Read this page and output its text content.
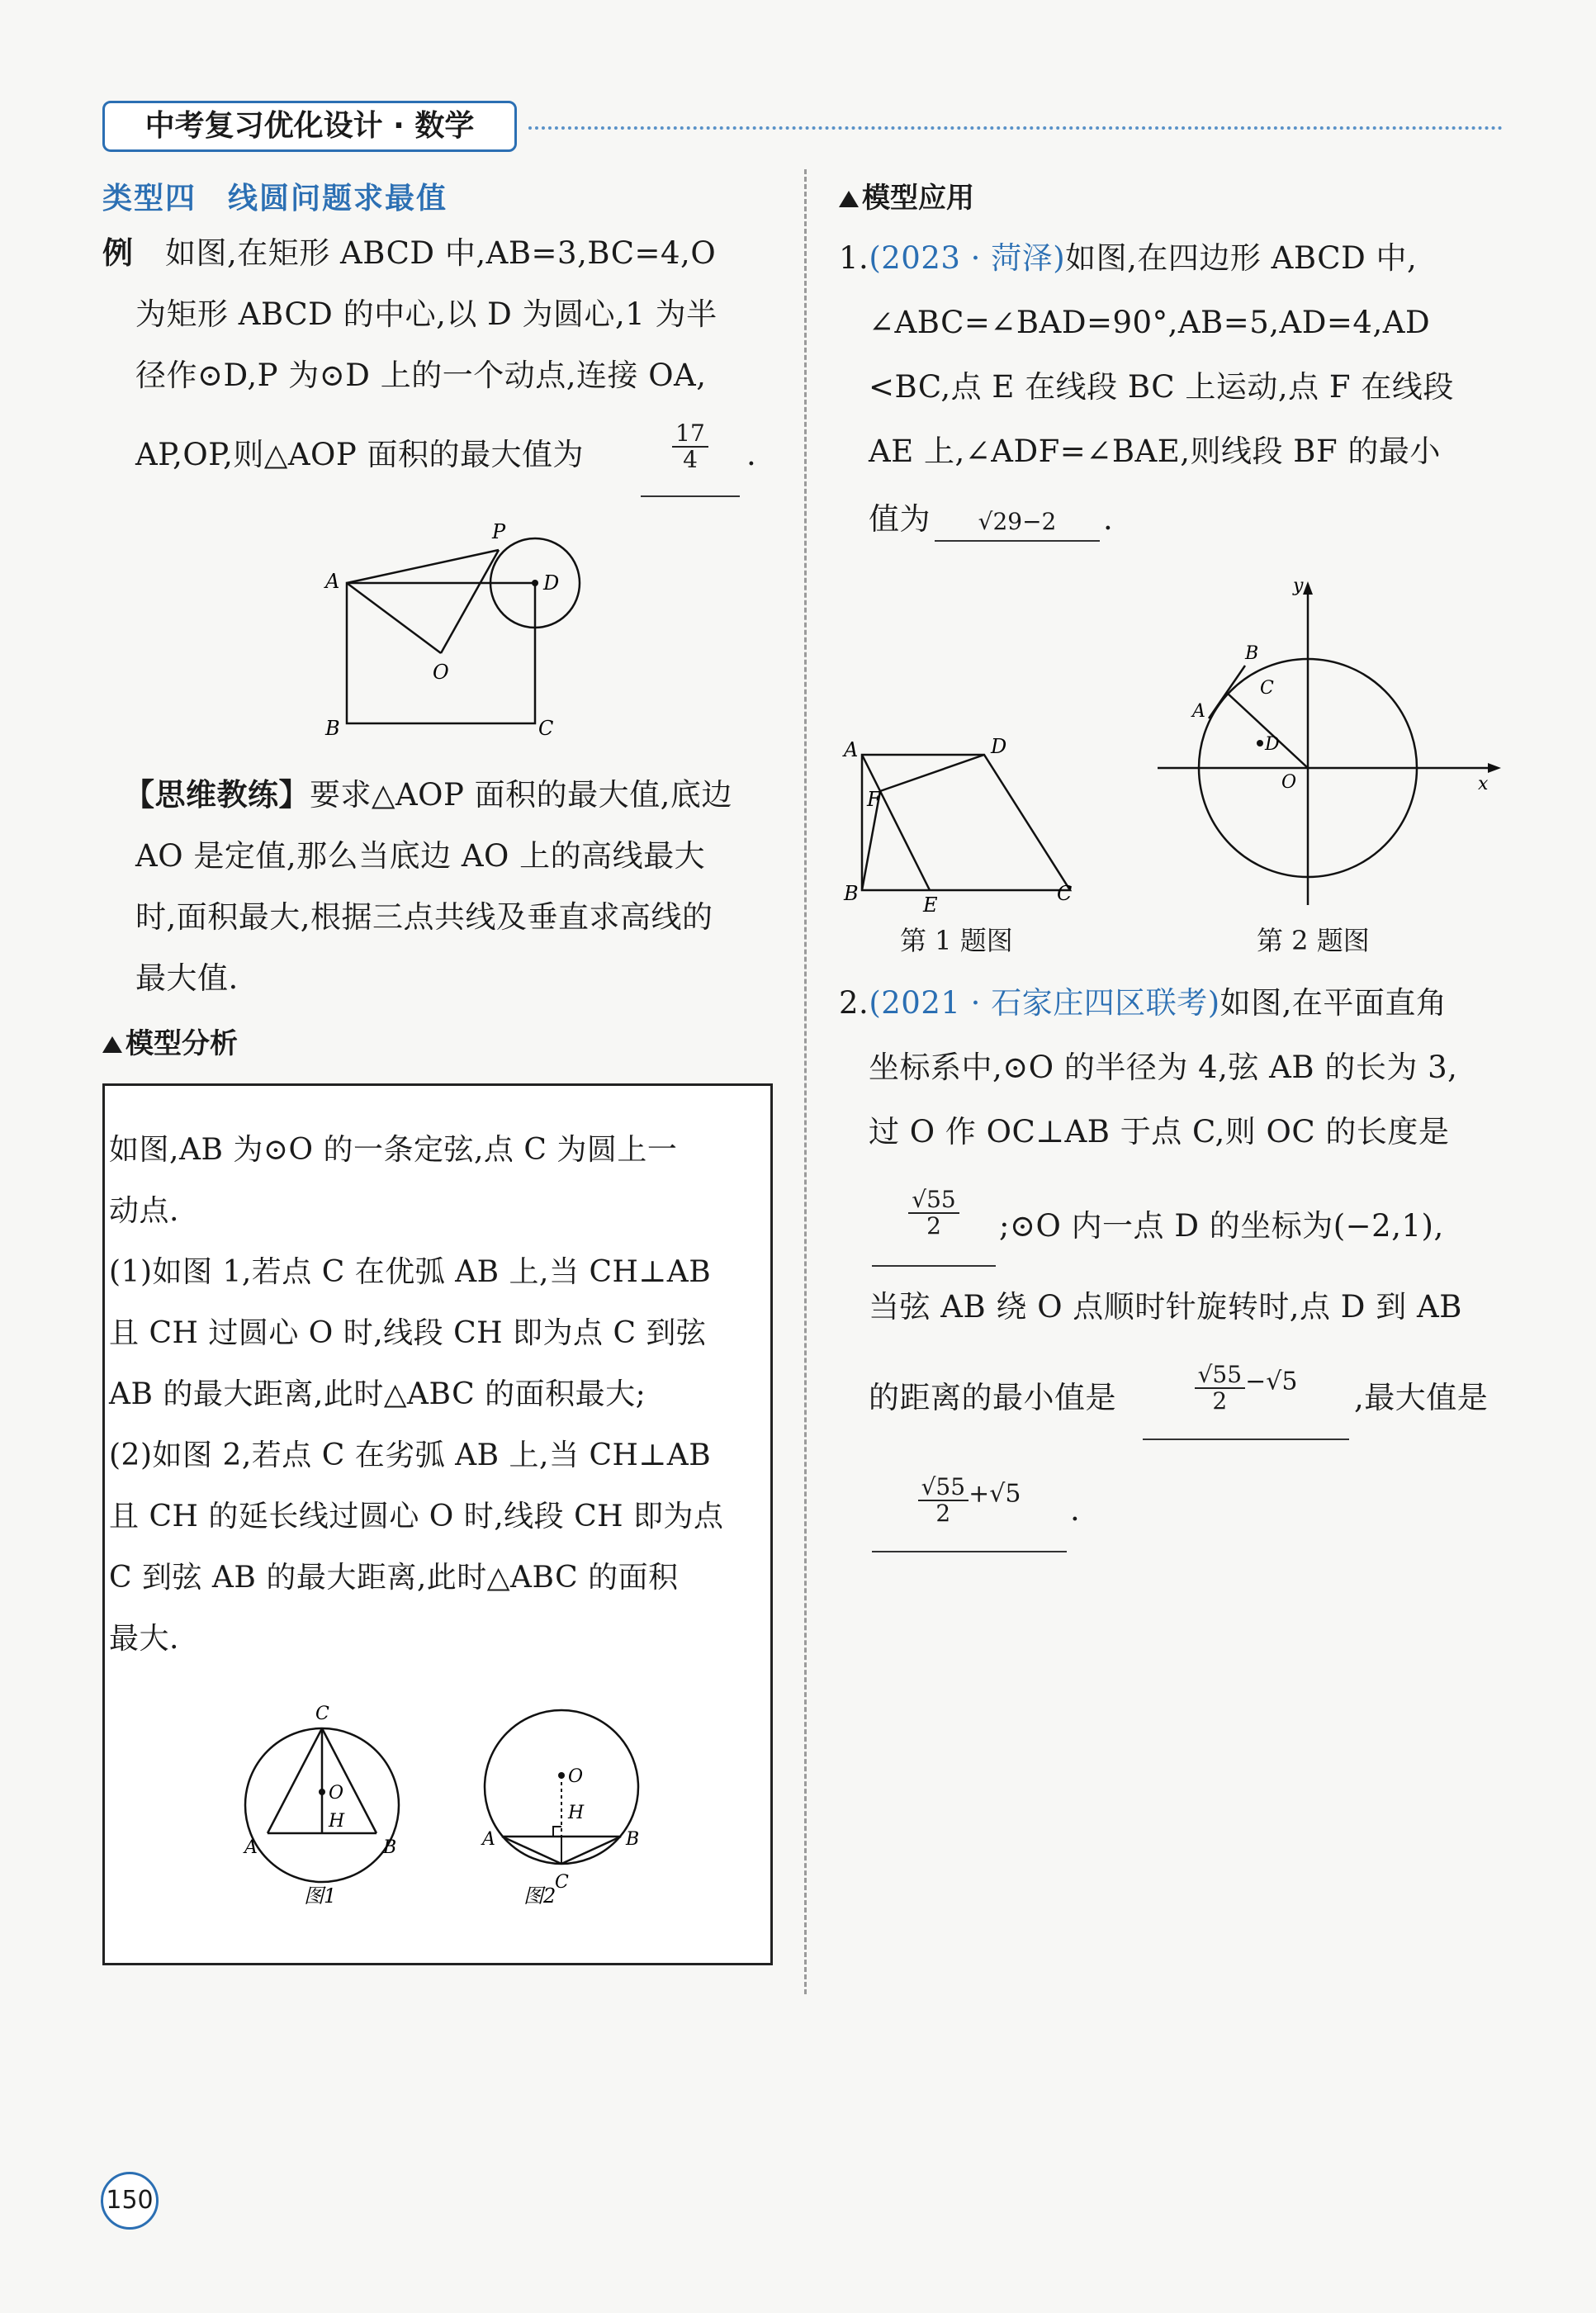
中考复习优化设计 · 数学
类型四　线圆问题求最值
例 如图,在矩形 ABCD 中,AB=3,BC=4,O
为矩形 ABCD 的中心,以 D 为圆心,1 为半
径作⊙D,P 为⊙D 上的一个动点,连接 OA,
AP,OP,则△AOP 面积的最大值为	$\frac{17}{4}$ .
P
A	D
O
B	C
【思维教练】要求△AOP 面积的最大值,底边
AO 是定值,那么当底边 AO 上的高线最大
时,面积最大,根据三点共线及垂直求高线的
最大值.
模型分析
如图,AB 为⊙O 的一条定弦,点 C 为圆上一
动点.
(1)如图 1,若点 C 在优弧 AB 上,当 CH⊥AB
且 CH 过圆心 O 时,线段 CH 即为点 C 到弦
AB 的最大距离,此时△ABC 的面积最大;
(2)如图 2,若点 C 在劣弧 AB 上,当 CH⊥AB
且 CH 的延长线过圆心 O 时,线段 CH 即为点
C 到弦 AB 的最大距离,此时△ABC 的面积
最大.
C
O
H
A	B
图1
O
H
A	B
C
图2
模型应用
1.(2023 · 菏泽)如图,在四边形 ABCD 中,
∠ABC=∠BAD=90°,AB=5,AD=4,AD
<BC,点 E 在线段 BC 上运动,点 F 在线段
AE 上,∠ADF=∠BAE,则线段 BF 的最小
值为	√29−2	.
A	D
F
B	E	C
第 1 题图
y
x
O
B
C
A
D
第 2 题图
2.(2021 · 石家庄四区联考)如图,在平面直角
坐标系中,⊙O 的半径为 4,弦 AB 的长为 3,
过 O 作 OC⊥AB 于点 C,则 OC 的长度是
$\frac{√55}{2}$ ;⊙O 内一点 D 的坐标为(−2,1),
当弦 AB 绕 O 点顺时针旋转时,点 D 到 AB
的距离的最小值是	$\frac{√55}{2} -√5$	,最大值是
$\frac{√55}{2} +√5$	.
150
